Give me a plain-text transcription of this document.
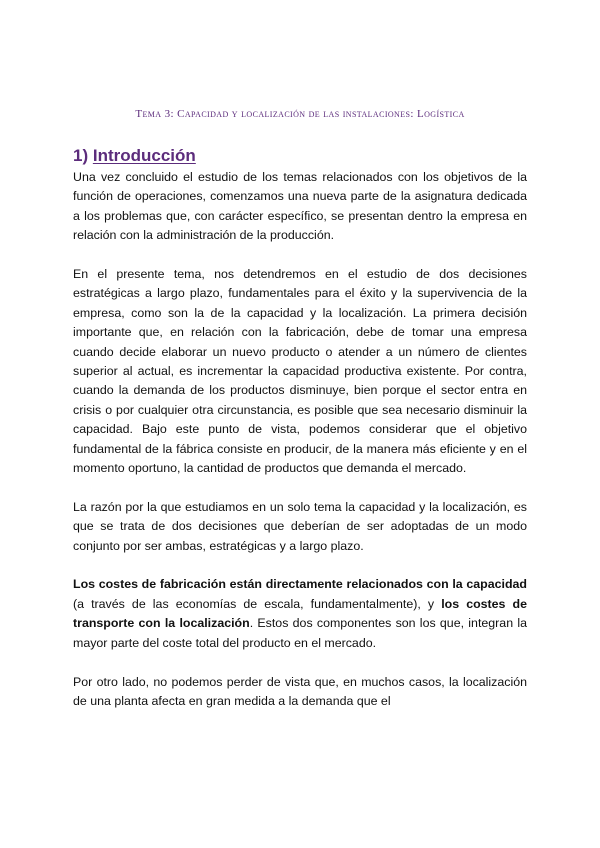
Tema 3: Capacidad y localización de las instalaciones: Logística
1) Introducción

Una vez concluido el estudio de los temas relacionados con los objetivos de la función de operaciones, comenzamos una nueva parte de la asignatura dedicada a los problemas que, con carácter específico, se presentan dentro la empresa en relación con la administración de la producción.

En el presente tema, nos detendremos en el estudio de dos decisiones estratégicas a largo plazo, fundamentales para el éxito y la supervivencia de la empresa, como son la de la capacidad y la localización. La primera decisión importante que, en relación con la fabricación, debe de tomar una empresa cuando decide elaborar un nuevo producto o atender a un número de clientes superior al actual, es incrementar la capacidad productiva existente. Por contra, cuando la demanda de los productos disminuye, bien porque el sector entra en crisis o por cualquier otra circunstancia, es posible que sea necesario disminuir la capacidad. Bajo este punto de vista, podemos considerar que el objetivo fundamental de la fábrica consiste en producir, de la manera más eficiente y en el momento oportuno, la cantidad de productos que demanda el mercado.

La razón por la que estudiamos en un solo tema la capacidad y la localización, es que se trata de dos decisiones que deberían de ser adoptadas de un modo conjunto por ser ambas, estratégicas y a largo plazo.

Los costes de fabricación están directamente relacionados con la capacidad (a través de las economías de escala, fundamentalmente), y los costes de transporte con la localización. Estos dos componentes son los que, integran la mayor parte del coste total del producto en el mercado.

Por otro lado, no podemos perder de vista que, en muchos casos, la localización de una planta afecta en gran medida a la demanda que el
